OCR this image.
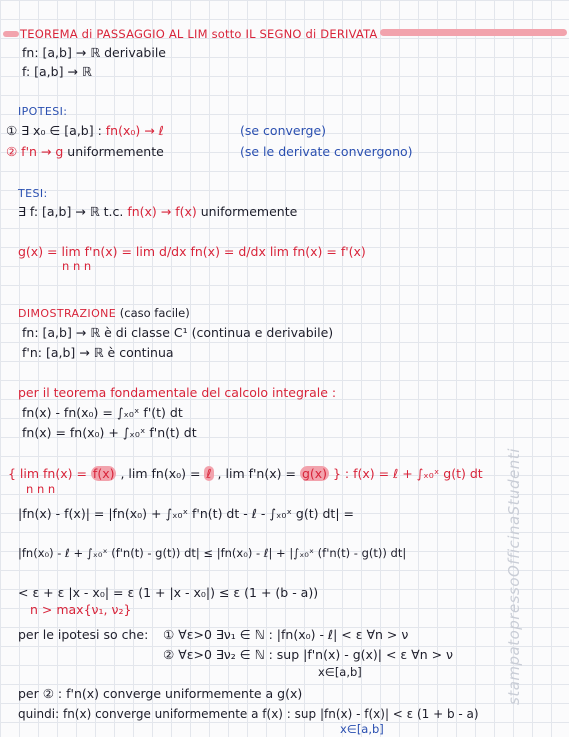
TEOREMA di PASSAGGIO AL LIM sotto IL SEGNO di DERIVATA
fn: [a,b] → ℝ derivabile
f: [a,b] → ℝ
IPOTESI:
① ∃ x₀ ∈ [a,b] : fn(x₀) → ℓ	(se converge)
② f'n → g uniformemente	(se le derivate convergono)
TESI:
∃ f: [a,b] → ℝ t.c. fn(x) → f(x) uniformemente
g(x) = lim f'n(x) = lim d/dx fn(x) = d/dx lim fn(x) = f'(x)
n n n
DIMOSTRAZIONE (caso facile)
fn: [a,b] → ℝ è di classe C¹ (continua e derivabile)
f'n: [a,b] → ℝ è continua
per il teorema fondamentale del calcolo integrale :
fn(x) - fn(x₀) = ∫ₓ₀ˣ f'(t) dt
fn(x) = fn(x₀) + ∫ₓ₀ˣ f'n(t) dt
{ lim fn(x) = f(x) , lim fn(x₀) = ℓ , lim f'n(x) = g(x) } : f(x) = ℓ + ∫ₓ₀ˣ g(t) dt
n n n
|fn(x) - f(x)| = |fn(x₀) + ∫ₓ₀ˣ f'n(t) dt - ℓ - ∫ₓ₀ˣ g(t) dt| =
|fn(x₀) - ℓ + ∫ₓ₀ˣ (f'n(t) - g(t)) dt| ≤ |fn(x₀) - ℓ| + |∫ₓ₀ˣ (f'n(t) - g(t)) dt|
< ε + ε |x - x₀| = ε (1 + |x - x₀|) ≤ ε (1 + (b - a))
n > max{ν₁, ν₂}
per le ipotesi so che: ① ∀ε>0 ∃ν₁ ∈ ℕ : |fn(x₀) - ℓ| < ε ∀n > ν
② ∀ε>0 ∃ν₂ ∈ ℕ : sup |f'n(x) - g(x)| < ε ∀n > ν
x∈[a,b]
per ② : f'n(x) converge uniformemente a g(x)
quindi: fn(x) converge uniformemente a f(x) : sup |fn(x) - f(x)| < ε (1 + b - a)
x∈[a,b]
stampatopressoOfficinaStudenti
